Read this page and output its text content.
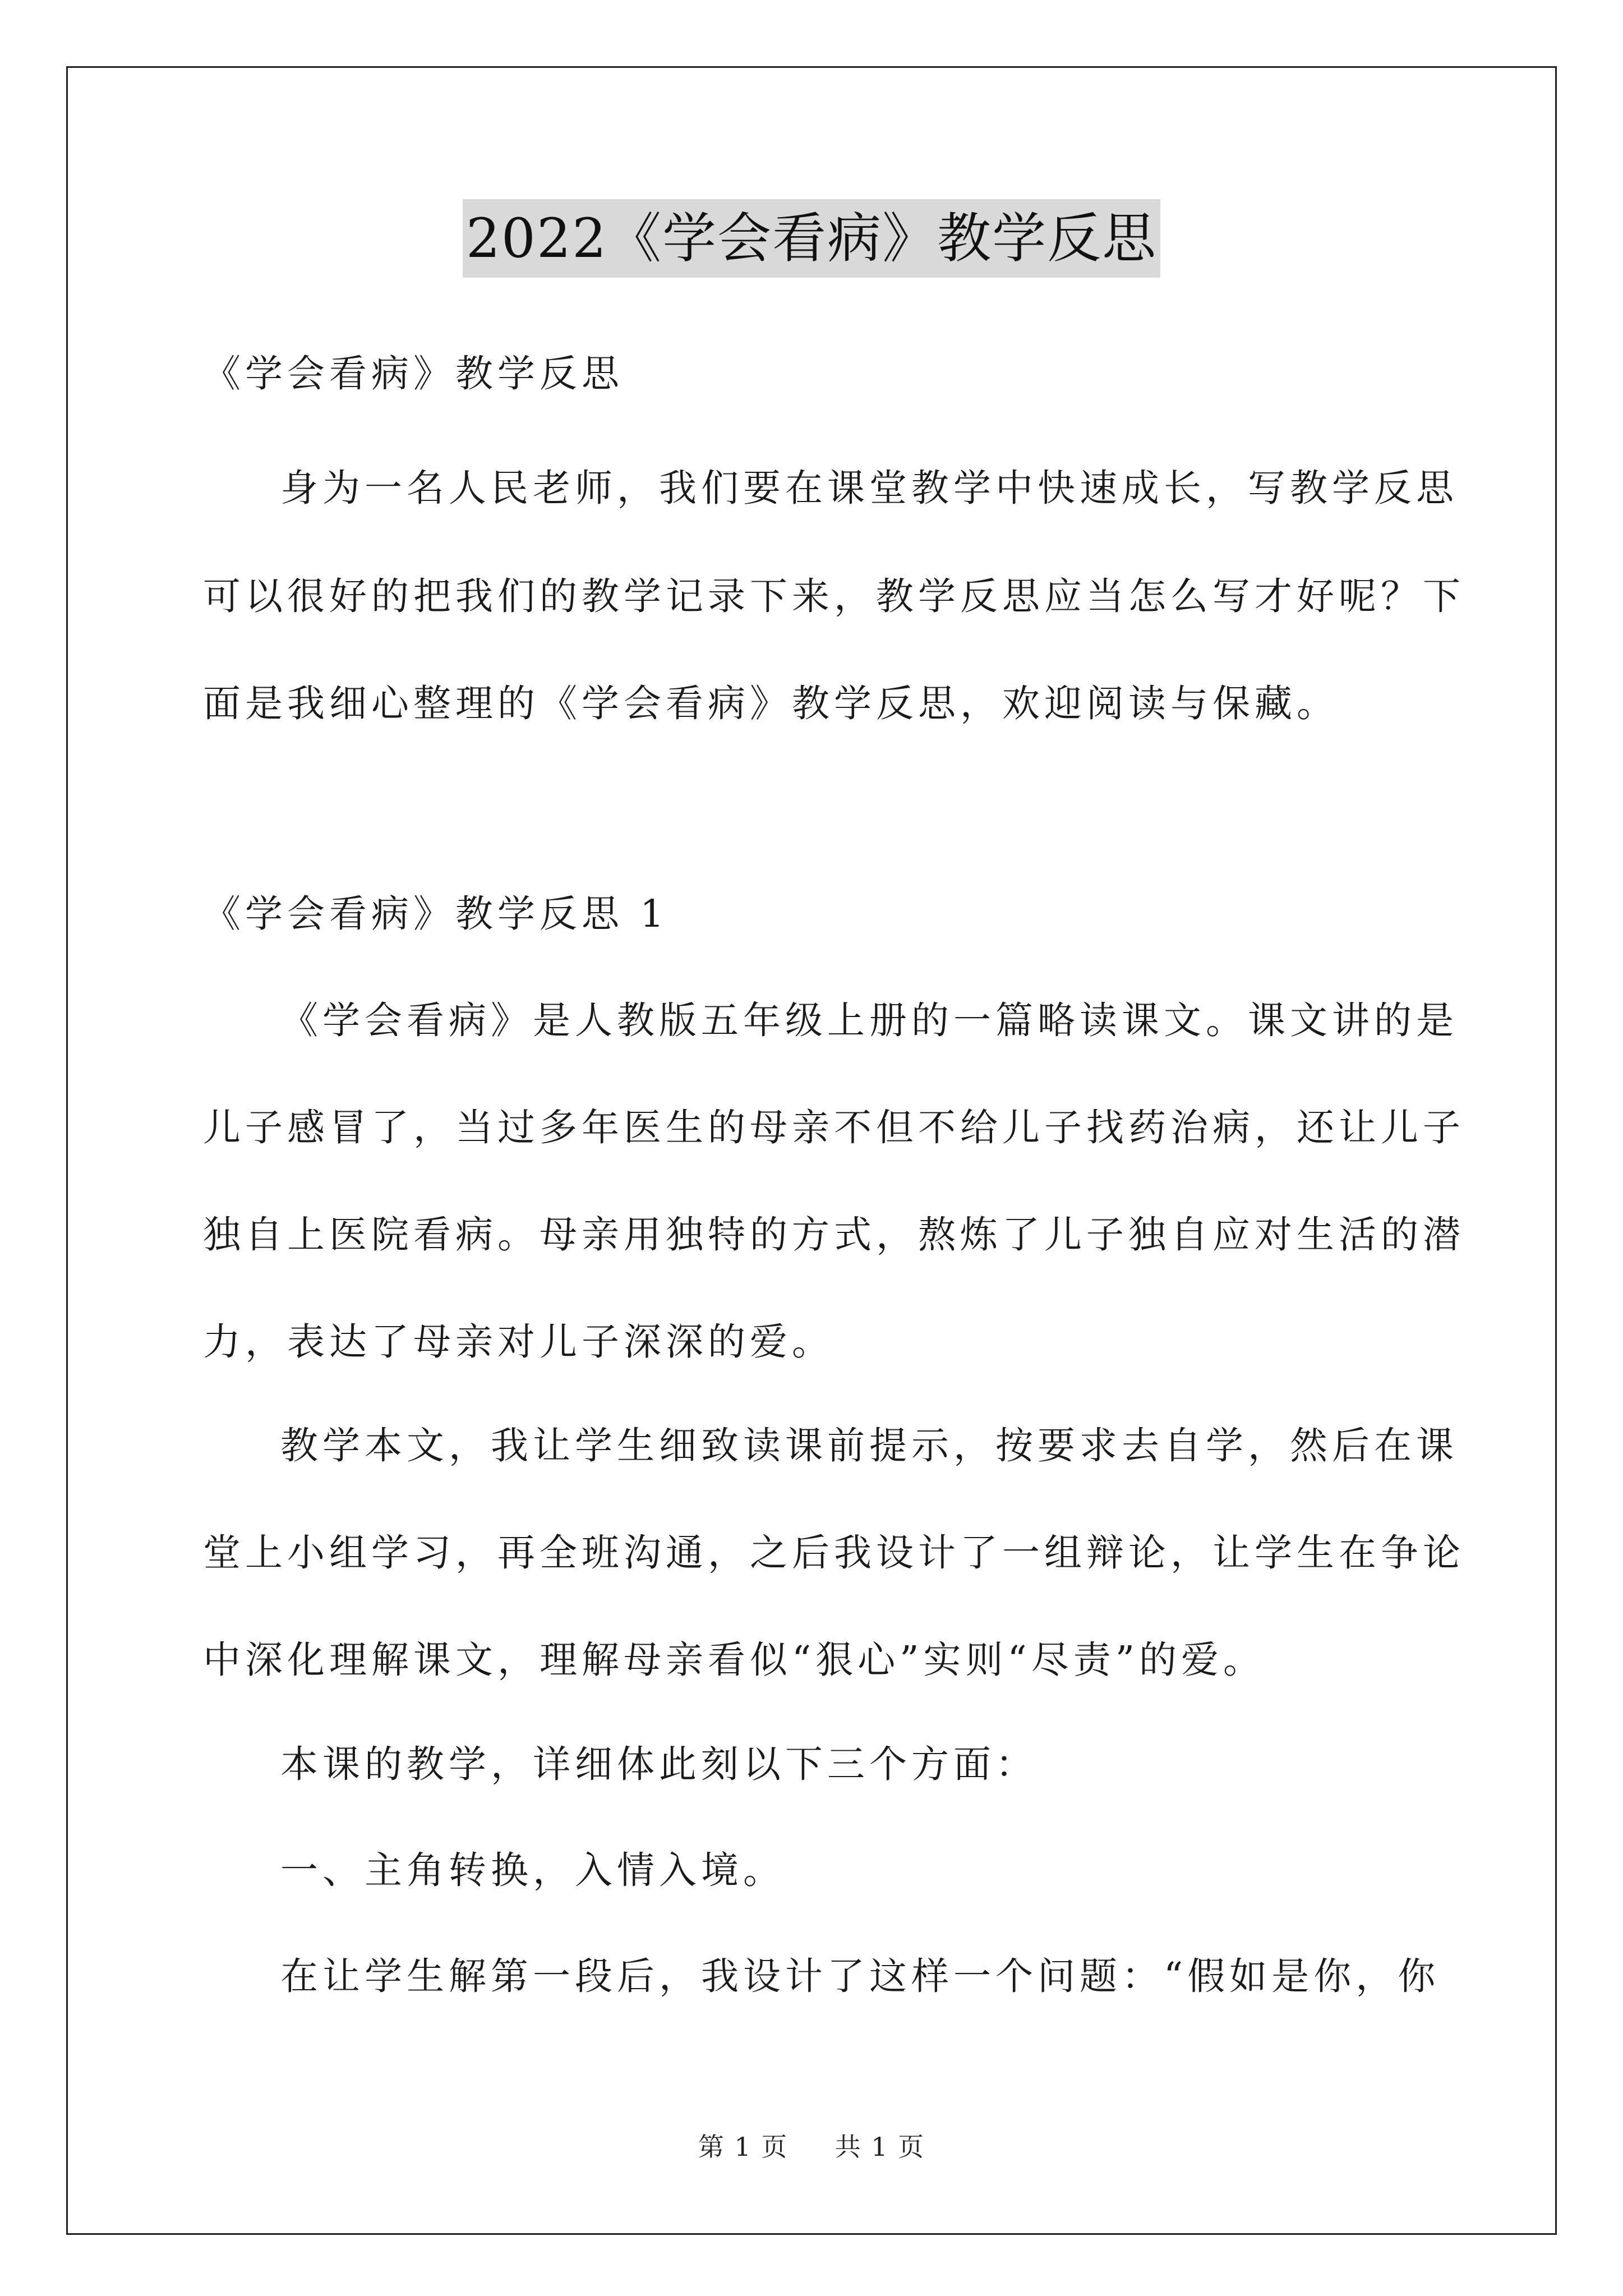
2022《学会看病》教学反思
《学会看病》教学反思
身为一名人民老师，我们要在课堂教学中快速成长，写教学反思
可以很好的把我们的教学记录下来，教学反思应当怎么写才好呢？下
面是我细心整理的《学会看病》教学反思，欢迎阅读与保藏。
《学会看病》教学反思 1
《学会看病》是人教版五年级上册的一篇略读课文。课文讲的是
儿子感冒了，当过多年医生的母亲不但不给儿子找药治病，还让儿子
独自上医院看病。母亲用独特的方式，熬炼了儿子独自应对生活的潜
力，表达了母亲对儿子深深的爱。
教学本文，我让学生细致读课前提示，按要求去自学，然后在课
堂上小组学习，再全班沟通，之后我设计了一组辩论，让学生在争论
中深化理解课文，理解母亲看似“狠心”实则“尽责”的爱。
本课的教学，详细体此刻以下三个方面：
一、主角转换，入情入境。
在让学生解第一段后，我设计了这样一个问题：“假如是你，你
第 1 页 共 1 页
